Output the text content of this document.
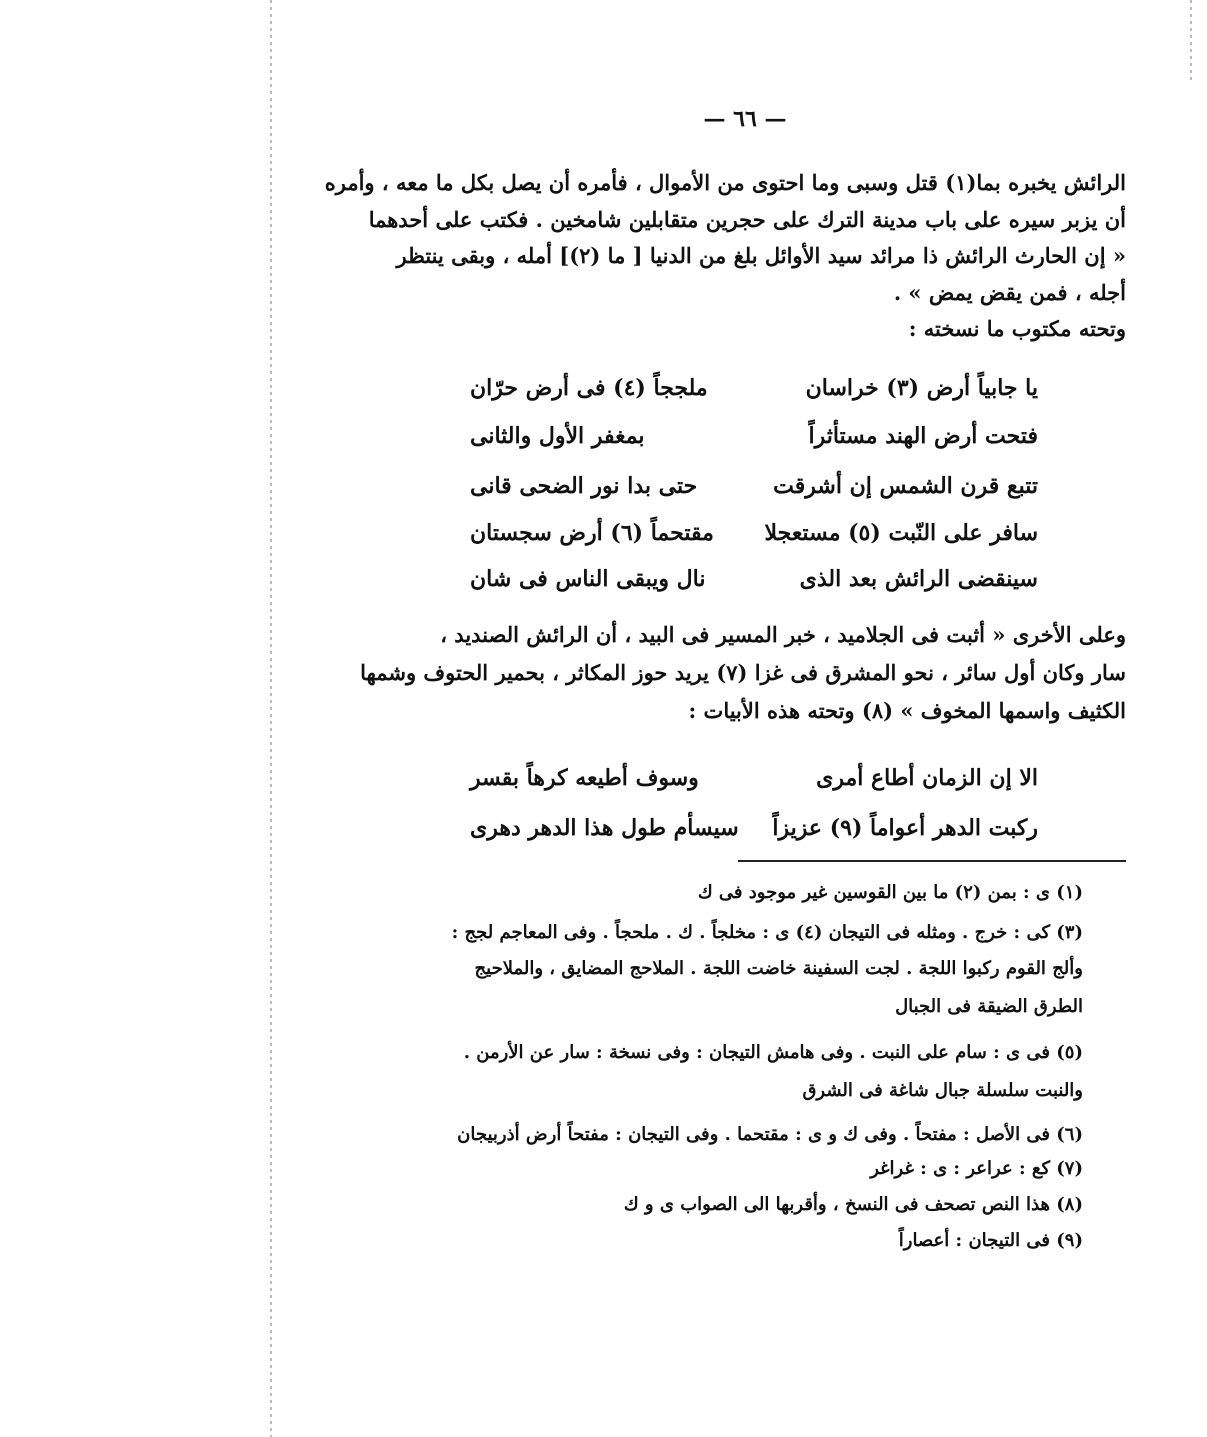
— ٦٦ —
الرائش يخبره بما(١) قتل وسبى وما احتوى من الأموال ، فأمره أن يصل بكل ما معه ، وأمره
أن يزبر سيره على باب مدينة الترك على حجرين متقابلين شامخين . فكتب على أحدهما
« إن الحارث الرائش ذا مرائد سيد الأوائل بلغ من الدنيا [ ما (٢)] أمله ، وبقى ينتظر
أجله ، فمن يقض يمض » .
وتحته مكتوب ما نسخته :
يا جابياً أرض (٣) خراسان
ملججاً (٤) فى أرض حرّان
فتحت أرض الهند مستأثراً
بمغفر الأول والثانى
تتبع قرن الشمس إن أشرقت
حتى بدا نور الضحى قانى
سافر على النّبت (٥) مستعجلا
مقتحماً (٦) أرض سجستان
سينقضى الرائش بعد الذى
نال ويبقى الناس فى شان
وعلى الأخرى « أثبت فى الجلاميد ، خبر المسير فى البيد ، أن الرائش الصنديد ،
سار وكان أول سائر ، نحو المشرق فى غزا (٧) يريد حوز المكاثر ، بحمير الحتوف وشمها
الكثيف واسمها المخوف » (٨) وتحته هذه الأبيات :
الا إن الزمان أطاع أمرى
وسوف أطيعه كرهاً بقسر
ركبت الدهر أعواماً (٩) عزيزاً
سيسأم طول هذا الدهر دهرى
(١) ى : بمن (٢) ما بين القوسين غير موجود فى ك
(٣) كى : خرج . ومثله فى التيجان (٤) ى : مخلجاً . ك . ملحجاً . وفى المعاجم لجج :
وألج القوم ركبوا اللجة . لجت السفينة خاضت اللجة . الملاحج المضايق ، والملاحيج
الطرق الضيقة فى الجبال
(٥) فى ى : سام على النبت . وفى هامش التيجان : وفى نسخة : سار عن الأرمن .
والنبت سلسلة جبال شاغة فى الشرق
(٦) فى الأصل : مفتحاً . وفى ك و ى : مقتحما . وفى التيجان : مفتحاً أرض أذربيجان
(٧) كع : عراعر : ى : غراغر
(٨) هذا النص تصحف فى النسخ ، وأقربها الى الصواب ى و ك
(٩) فى التيجان : أعصاراً
